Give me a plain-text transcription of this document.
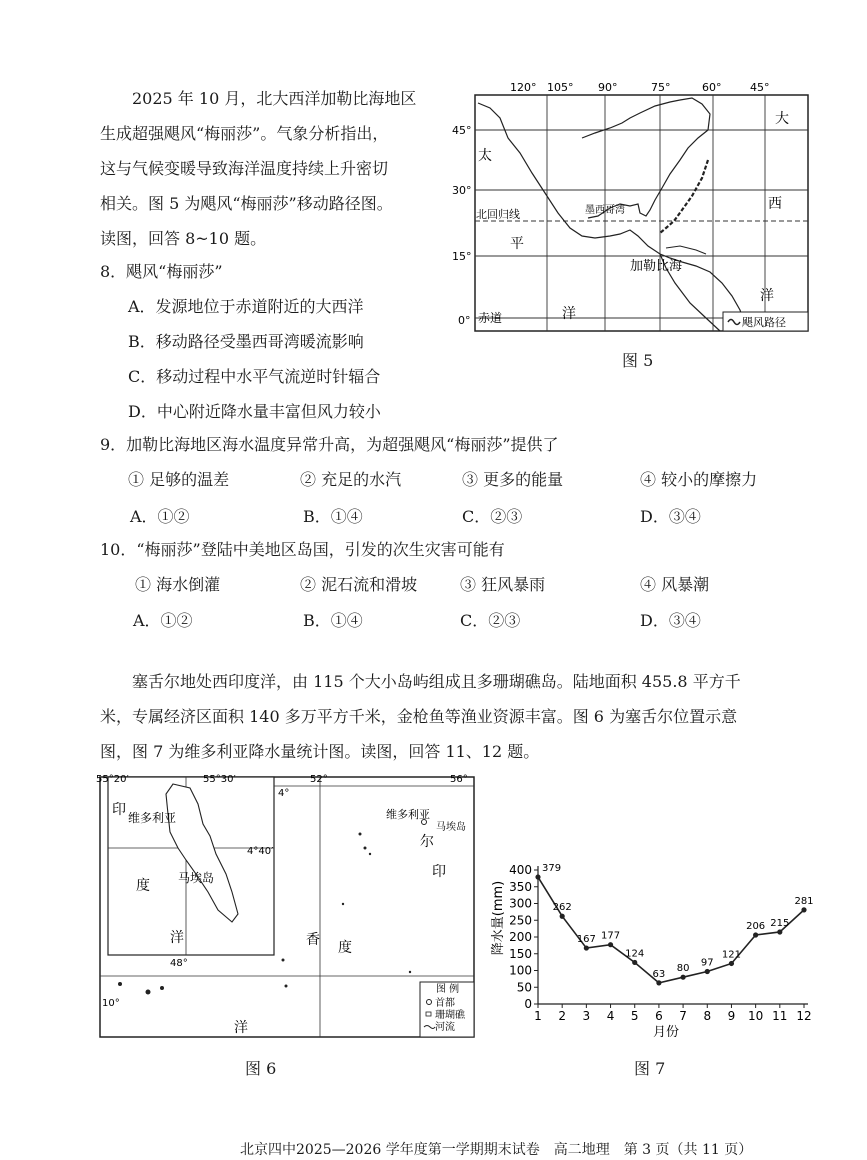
2025 年 10 月，北大西洋加勒比海地区
生成超强飓风“梅丽莎”。气象分析指出，
这与气候变暖导致海洋温度持续上升密切
相关。图 5 为飓风“梅丽莎”移动路径图。
读图，回答 8~10 题。
8．飓风“梅丽莎”
A．发源地位于赤道附近的大西洋
B．移动路径受墨西哥湾暖流影响
C．移动过程中水平气流逆时针辐合
D．中心附近降水量丰富但风力较小
9．加勒比海地区海水温度异常升高，为超强飓风“梅丽莎”提供了
① 足够的温差	② 充足的水汽	③ 更多的能量	④ 较小的摩擦力
A．①②	B．①④	C．②③	D．③④
10．“梅丽莎”登陆中美地区岛国，引发的次生灾害可能有
① 海水倒灌	② 泥石流和滑坡	③ 狂风暴雨	④ 风暴潮
A．①②	B．①④	C．②③	D．③④
塞舌尔地处西印度洋，由 115 个大小岛屿组成且多珊瑚礁岛。陆地面积 455.8 平方千
米，专属经济区面积 140 多万平方千米，金枪鱼等渔业资源丰富。图 6 为塞舌尔位置示意
图，图 7 为维多利亚降水量统计图。读图，回答 11、12 题。
120° 105° 90°	75°	60°	45°
45°
30°
15°
0°
北回归线
赤道
墨西哥湾
加勒比海
太
平
洋
大
西
洋
飓风路径
图 5
55°20′	55°30′
4°40′
印
度
洋
维多利亚
马埃岛
52°	56°
4°
48°
10°
维多利亚
马埃岛
尔
印
香 度
洋
图 例
首都
珊瑚礁
河流
图 6
降水量(mm)
月份
0
50
100
150
200
250
300
350
400
1 2 3 4 5 6 7 8 9 10 11 12
379
262
167 177
124
63
80
97
121
206 215
281
图 7
北京四中2025—2026 学年度第一学期期末试卷　高二地理　第 3 页（共 11 页）
